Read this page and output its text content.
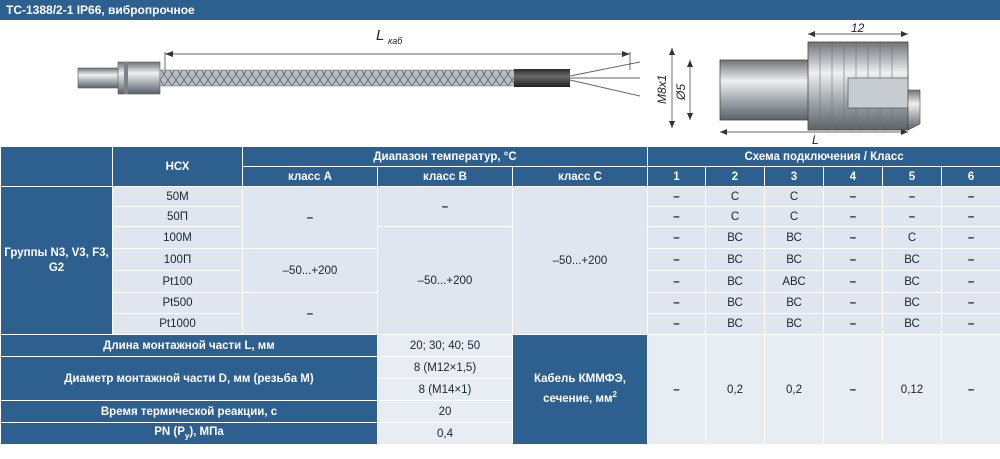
ТС-1388/2-1 IP66, вибропрочное
L каб
12
L
M8x1 Ø5
	НСХ	Диапазон температур, °С			Схема подключения / Класс					
		класс А	класс В	класс С	1	2	3	4	5	6
Группы N3, V3, F3, G2	50М	–	–	–50...+200	–	С	С	–	–	–
	50П				–	С	С	–	–	–
	100М		–50...+200		–	ВС	ВС	–	С	–
	100П	–50...+200			–	ВС	ВС	–	ВС	–
	Pt100				–	ВС	АВС	–	ВС	–
	Pt500	–			–	ВС	ВС	–	ВС	–
	Pt1000				–	ВС	ВС	–	ВС	–
Длина монтажной части L, мм			20; 30; 40; 50	Кабель КММФЭ, сечение, $мм^2$	–	0,2	0,2	–	0,12	–
Диаметр монтажной части D, мм (резьба М)			8 (М12×1,5)							
			8 (М14×1)							
Время термической реакции, с			20							
PN $(P_у)$, МПа			0,4							
